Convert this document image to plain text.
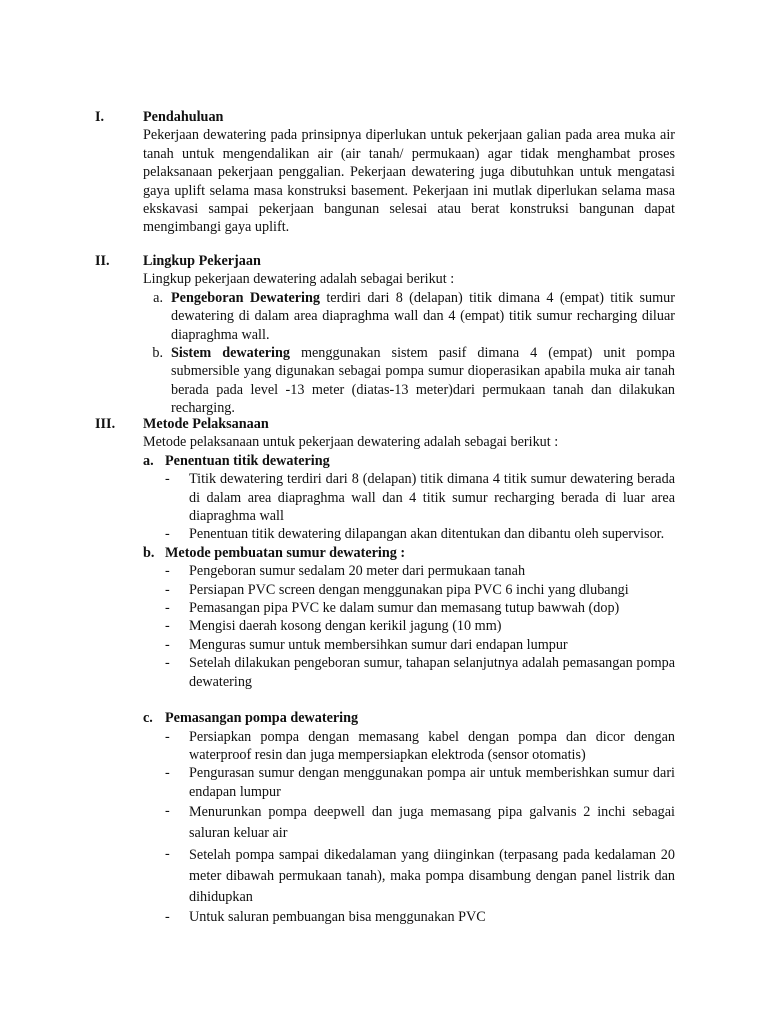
I.	Pendahuluan

Pekerjaan dewatering pada prinsipnya diperlukan untuk pekerjaan galian pada area muka air tanah untuk mengendalikan air (air tanah/ permukaan) agar tidak menghambat proses pelaksanaan pekerjaan penggalian. Pekerjaan dewatering juga dibutuhkan untuk mengatasi gaya uplift selama masa konstruksi basement. Pekerjaan ini mutlak diperlukan selama masa ekskavasi sampai pekerjaan bangunan selesai atau berat konstruksi bangunan dapat mengimbangi gaya uplift.

II. Lingkup Pekerjaan

Lingkup pekerjaan dewatering adalah sebagai berikut :

a. Pengeboran Dewatering terdiri dari 8 (delapan) titik dimana 4 (empat) titik sumur dewatering di dalam area diapraghma wall dan 4 (empat) titik sumur recharging diluar diapraghma wall.

b. Sistem dewatering menggunakan sistem pasif dimana 4 (empat) unit pompa submersible yang digunakan sebagai pompa sumur dioperasikan apabila muka air tanah berada pada level -13 meter (diatas-13 meter)dari permukaan tanah dan dilakukan recharging.

III. Metode Pelaksanaan

Metode pelaksanaan untuk pekerjaan dewatering adalah sebagai berikut :

a. Penentuan titik dewatering
- Titik dewatering terdiri dari 8 (delapan) titik dimana 4 titik sumur dewatering berada di dalam area diapraghma wall dan 4 titik sumur recharging berada di luar area diapraghma wall

- Penentuan titik dewatering dilapangan akan ditentukan dan dibantu oleh supervisor.

b. Metode pembuatan sumur dewatering :
- Pengeboran sumur sedalam 20 meter dari permukaan tanah

- Persiapan PVC screen dengan menggunakan pipa PVC 6 inchi yang dlubangi

- Pemasangan pipa PVC ke dalam sumur dan memasang tutup bawwah (dop)

- Mengisi daerah kosong dengan kerikil jagung (10 mm)

- Menguras sumur untuk membersihkan sumur dari endapan lumpur

- Setelah dilakukan pengeboran sumur, tahapan selanjutnya adalah pemasangan pompa dewatering

c. Pemasangan pompa dewatering
- Persiapkan pompa dengan memasang kabel dengan pompa dan dicor dengan waterproof resin dan juga mempersiapkan elektroda (sensor otomatis)

- Pengurasan sumur dengan menggunakan pompa air untuk memberishkan sumur dari endapan lumpur

- Menurunkan pompa deepwell dan juga memasang pipa galvanis 2 inchi sebagai saluran keluar air

- Setelah pompa sampai dikedalaman yang diinginkan (terpasang pada kedalaman 20 meter dibawah permukaan tanah), maka pompa disambung dengan panel listrik dan dihidupkan

- Untuk saluran pembuangan bisa menggunakan PVC
